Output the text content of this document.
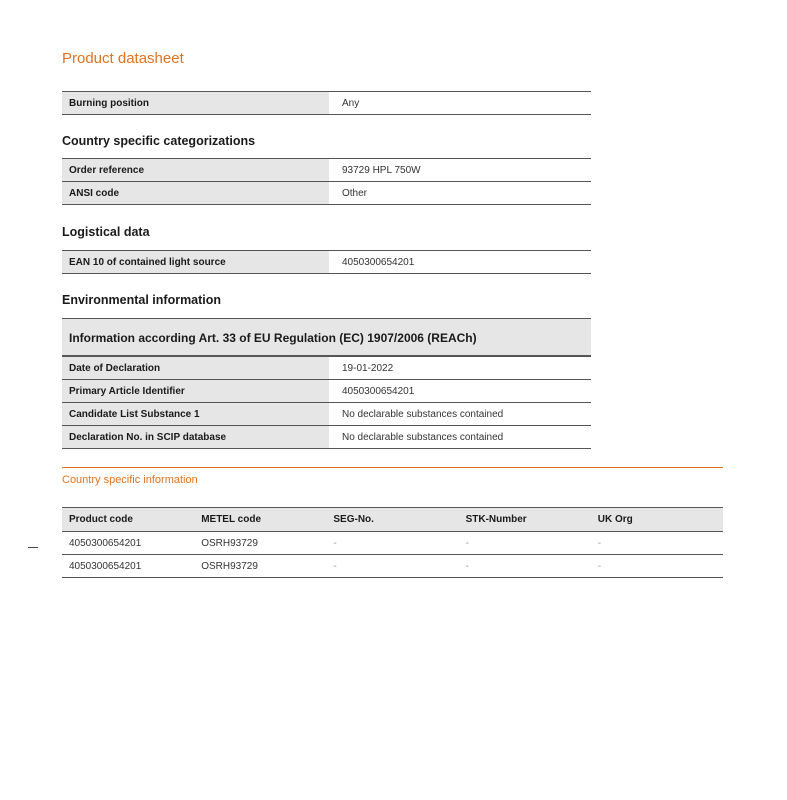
Product datasheet
Burning position		Any
Country specific categorizations
Order reference		93729 HPL 750W
ANSI code		Other
Logistical data
EAN 10 of contained light source		4050300654201
Environmental information
Information according Art. 33 of EU Regulation (EC) 1907/2006 (REACh)
Date of Declaration		19-01-2022
Primary Article Identifier		4050300654201
Candidate List Substance 1		No declarable substances contained
Declaration No. in SCIP database		No declarable substances contained
Country specific information
Product code	METEL code	SEG-No.	STK-Number	UK Org
4050300654201	OSRH93729	-	-	-
4050300654201	OSRH93729	-	-	-
